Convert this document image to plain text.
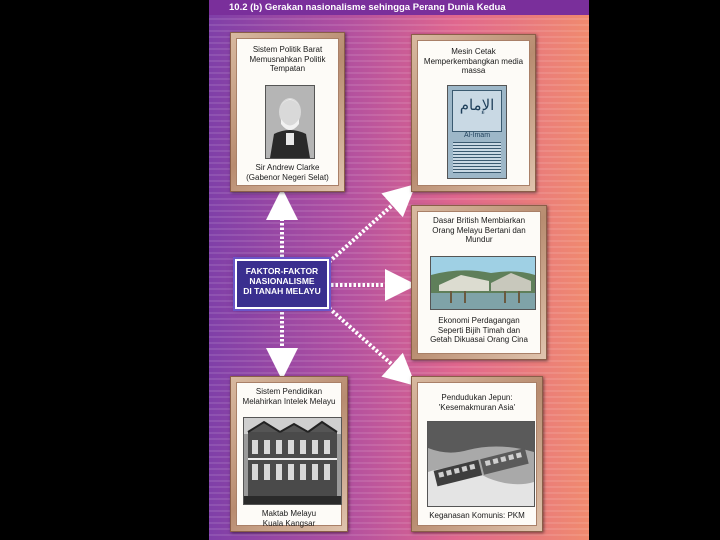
10.2 (b) Gerakan nasionalisme sehingga Perang Dunia Kedua
Sistem Politik Barat
Memusnahkan Politik
Tempatan
Sir Andrew Clarke
(Gabenor Negeri Selat)
Mesin Cetak
Memperkembangkan media
massa
الإمام
Al-Imam
FAKTOR-FAKTOR
NASIONALISME
DI TANAH MELAYU
Dasar British Membiarkan
Orang Melayu Bertani dan
Mundur
Ekonomi Perdagangan
Seperti Bijih Timah dan
Getah Dikuasai Orang Cina
Sistem Pendidikan
Melahirkan Intelek Melayu
Maktab Melayu
Kuala Kangsar
Pendudukan Jepun:
'Kesemakmuran Asia'
Keganasan Komunis: PKM
